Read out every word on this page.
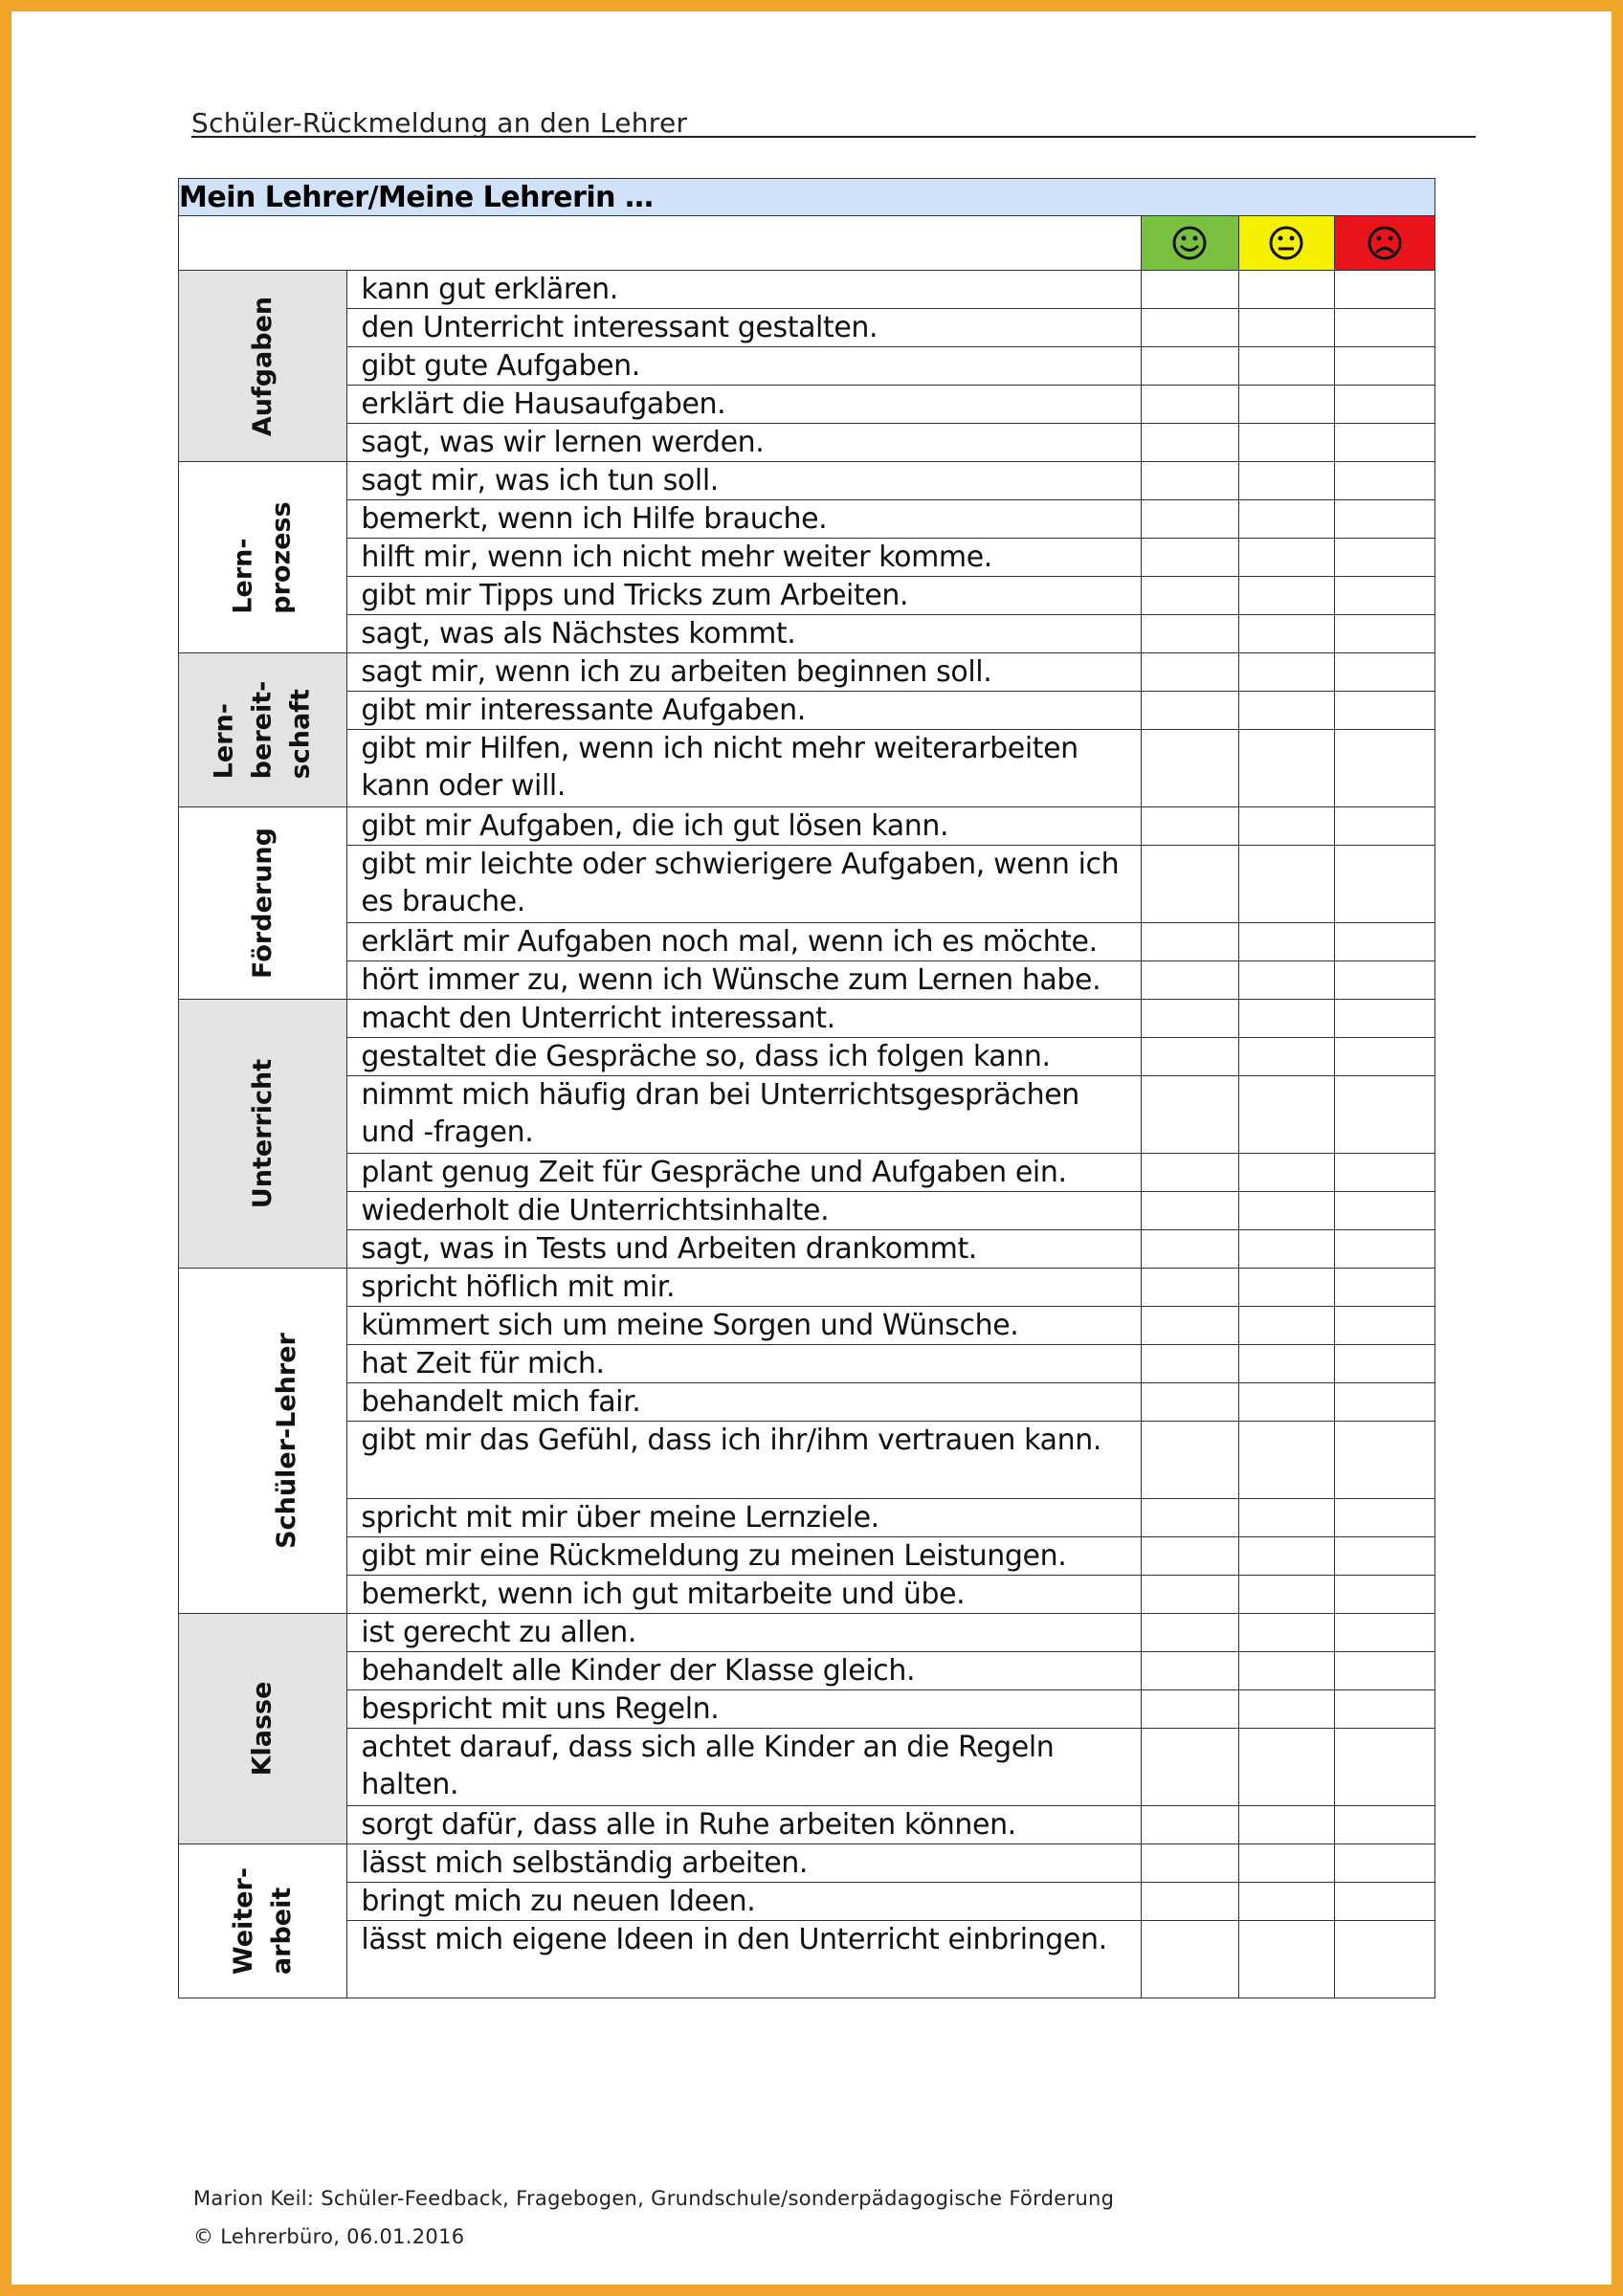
Schüler-Rückmeldung an den Lehrer
Mein Lehrer/Meine Lehrerin …				

Aufgaben	kann gut erklären.			
	den Unterricht interessant gestalten.			
	gibt gute Aufgaben.			
	erklärt die Hausaufgaben.			
	sagt, was wir lernen werden.			
Lern-
prozess	sagt mir, was ich tun soll.			
	bemerkt, wenn ich Hilfe brauche.			
	hilft mir, wenn ich nicht mehr weiter komme.			
	gibt mir Tipps und Tricks zum Arbeiten.			
	sagt, was als Nächstes kommt.			
Lern-
bereit-
schaft	sagt mir, wenn ich zu arbeiten beginnen soll.			
	gibt mir interessante Aufgaben.			
	gibt mir Hilfen, wenn ich nicht mehr weiterarbeiten kann oder will.			
Förderung	gibt mir Aufgaben, die ich gut lösen kann.			
	gibt mir leichte oder schwierigere Aufgaben, wenn ich es brauche.			
	erklärt mir Aufgaben noch mal, wenn ich es möchte.			
	hört immer zu, wenn ich Wünsche zum Lernen habe.			
Unterricht	macht den Unterricht interessant.			
	gestaltet die Gespräche so, dass ich folgen kann.			
	nimmt mich häufig dran bei Unterrichtsgesprächen und -fragen.			
	plant genug Zeit für Gespräche und Aufgaben ein.			
	wiederholt die Unterrichtsinhalte.			
	sagt, was in Tests und Arbeiten drankommt.			
Schüler-Lehrer	spricht höflich mit mir.			
	kümmert sich um meine Sorgen und Wünsche.			
	hat Zeit für mich.			
	behandelt mich fair.			
	gibt mir das Gefühl, dass ich ihr/ihm vertrauen kann.			
	spricht mit mir über meine Lernziele.			
	gibt mir eine Rückmeldung zu meinen Leistungen.			
	bemerkt, wenn ich gut mitarbeite und übe.			
Klasse	ist gerecht zu allen.			
	behandelt alle Kinder der Klasse gleich.			
	bespricht mit uns Regeln.			
	achtet darauf, dass sich alle Kinder an die Regeln halten.			
	sorgt dafür, dass alle in Ruhe arbeiten können.			
Weiter-
arbeit	lässt mich selbständig arbeiten.			
	bringt mich zu neuen Ideen.			
	lässt mich eigene Ideen in den Unterricht einbringen.			
Marion Keil: Schüler-Feedback, Fragebogen, Grundschule/sonderpädagogische Förderung
© Lehrerbüro, 06.01.2016
